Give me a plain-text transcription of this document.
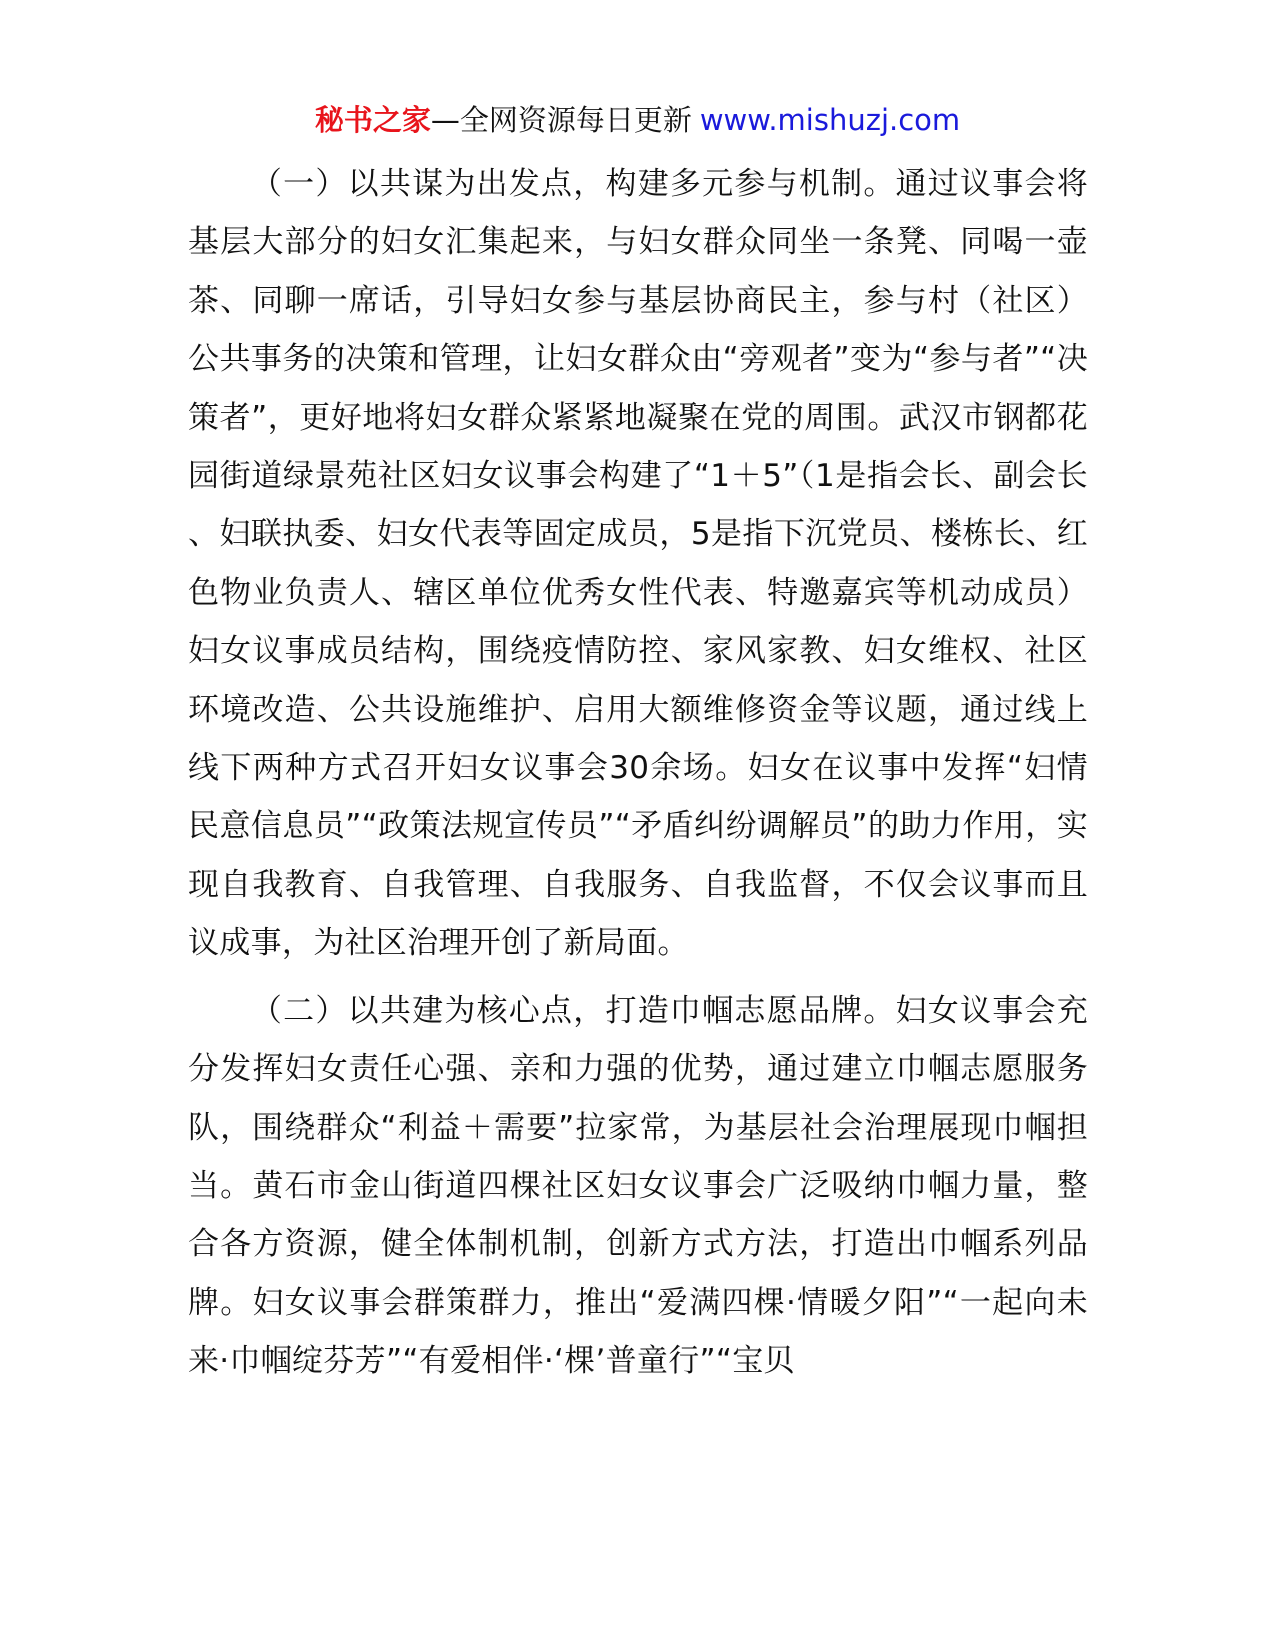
秘书之家—全网资源每日更新 www.mishuzj.com

（一）以共谋为出发点，构建多元参与机制。通过议事会将基层大部分的妇女汇集起来，与妇女群众同坐一条凳、同喝一壶茶、同聊一席话，引导妇女参与基层协商民主，参与村（社区）公共事务的决策和管理，让妇女群众由“旁观者”变为“参与者”“决策者”，更好地将妇女群众紧紧地凝聚在党的周围。武汉市钢都花园街道绿景苑社区妇女议事会构建了“1＋5”（1是指会长、副会长、妇联执委、妇女代表等固定成员，5是指下沉党员、楼栋长、红色物业负责人、辖区单位优秀女性代表、特邀嘉宾等机动成员）妇女议事成员结构，围绕疫情防控、家风家教、妇女维权、社区环境改造、公共设施维护、启用大额维修资金等议题，通过线上线下两种方式召开妇女议事会30余场。妇女在议事中发挥“妇情民意信息员”“政策法规宣传员”“矛盾纠纷调解员”的助力作用，实现自我教育、自我管理、自我服务、自我监督，不仅会议事而且议成事，为社区治理开创了新局面。

（二）以共建为核心点，打造巾帼志愿品牌。妇女议事会充分发挥妇女责任心强、亲和力强的优势，通过建立巾帼志愿服务队，围绕群众“利益＋需要”拉家常，为基层社会治理展现巾帼担当。黄石市金山街道四棵社区妇女议事会广泛吸纳巾帼力量，整合各方资源，健全体制机制，创新方式方法，打造出巾帼系列品牌。妇女议事会群策群力，推出“爱满四棵·情暖夕阳”“一起向未来·巾帼绽芬芳”“有爱相伴·‘棵’普童行”“宝贝
